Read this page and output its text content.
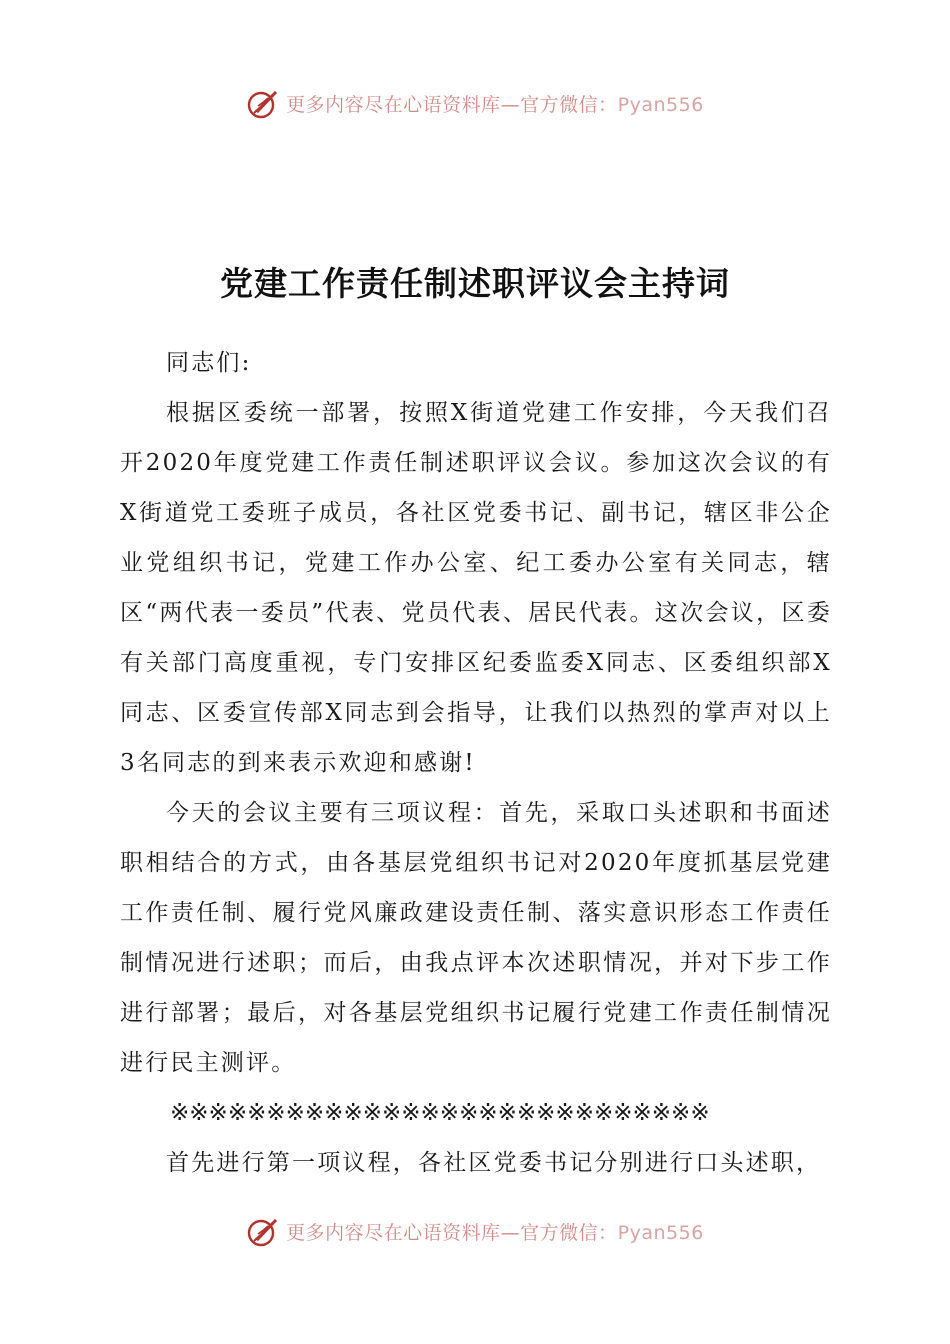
更多内容尽在心语资料库—官方微信：Pyan556
党建工作责任制述职评议会主持词

同志们:

根据区委统一部署，按照X街道党建工作安排，今天我们召开2020年度党建工作责任制述职评议会议。参加这次会议的有X街道党工委班子成员，各社区党委书记、副书记，辖区非公企业党组织书记，党建工作办公室、纪工委办公室有关同志，辖区“两代表一委员”代表、党员代表、居民代表。这次会议，区委有关部门高度重视，专门安排区纪委监委X同志、区委组织部X同志、区委宣传部X同志到会指导，让我们以热烈的掌声对以上3名同志的到来表示欢迎和感谢!

今天的会议主要有三项议程：首先，采取口头述职和书面述职相结合的方式，由各基层党组织书记对2020年度抓基层党建工作责任制、履行党风廉政建设责任制、落实意识形态工作责任制情况进行述职；而后，由我点评本次述职情况，并对下步工作进行部署；最后，对各基层党组织书记履行党建工作责任制情况进行民主测评。

※※※※※※※※※※※※※※※※※※※※※※※※※※※※

首先进行第一项议程，各社区党委书记分别进行口头述职，

更多内容尽在心语资料库—官方微信：Pyan556
